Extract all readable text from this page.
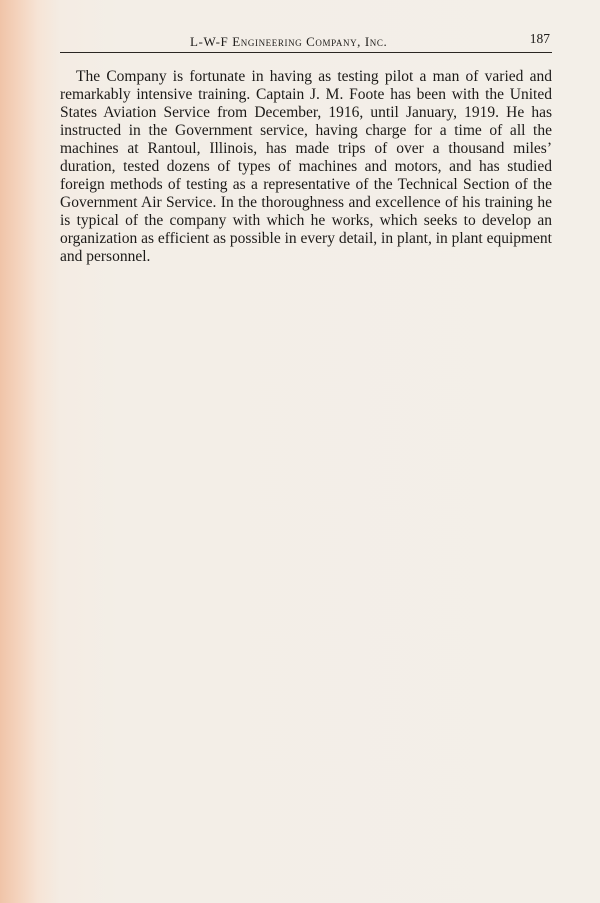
L-W-F Engineering Company, Inc.	187

The Company is fortunate in having as testing pilot a man of varied and remarkably intensive training. Captain J. M. Foote has been with the United States Aviation Service from December, 1916, until January, 1919. He has instructed in the Government service, having charge for a time of all the machines at Rantoul, Illinois, has made trips of over a thousand miles’ duration, tested dozens of types of machines and motors, and has studied foreign methods of testing as a representative of the Technical Section of the Government Air Service. In the thoroughness and excellence of his training he is typical of the company with which he works, which seeks to develop an organization as efficient as possible in every detail, in plant, in plant equipment and personnel.
